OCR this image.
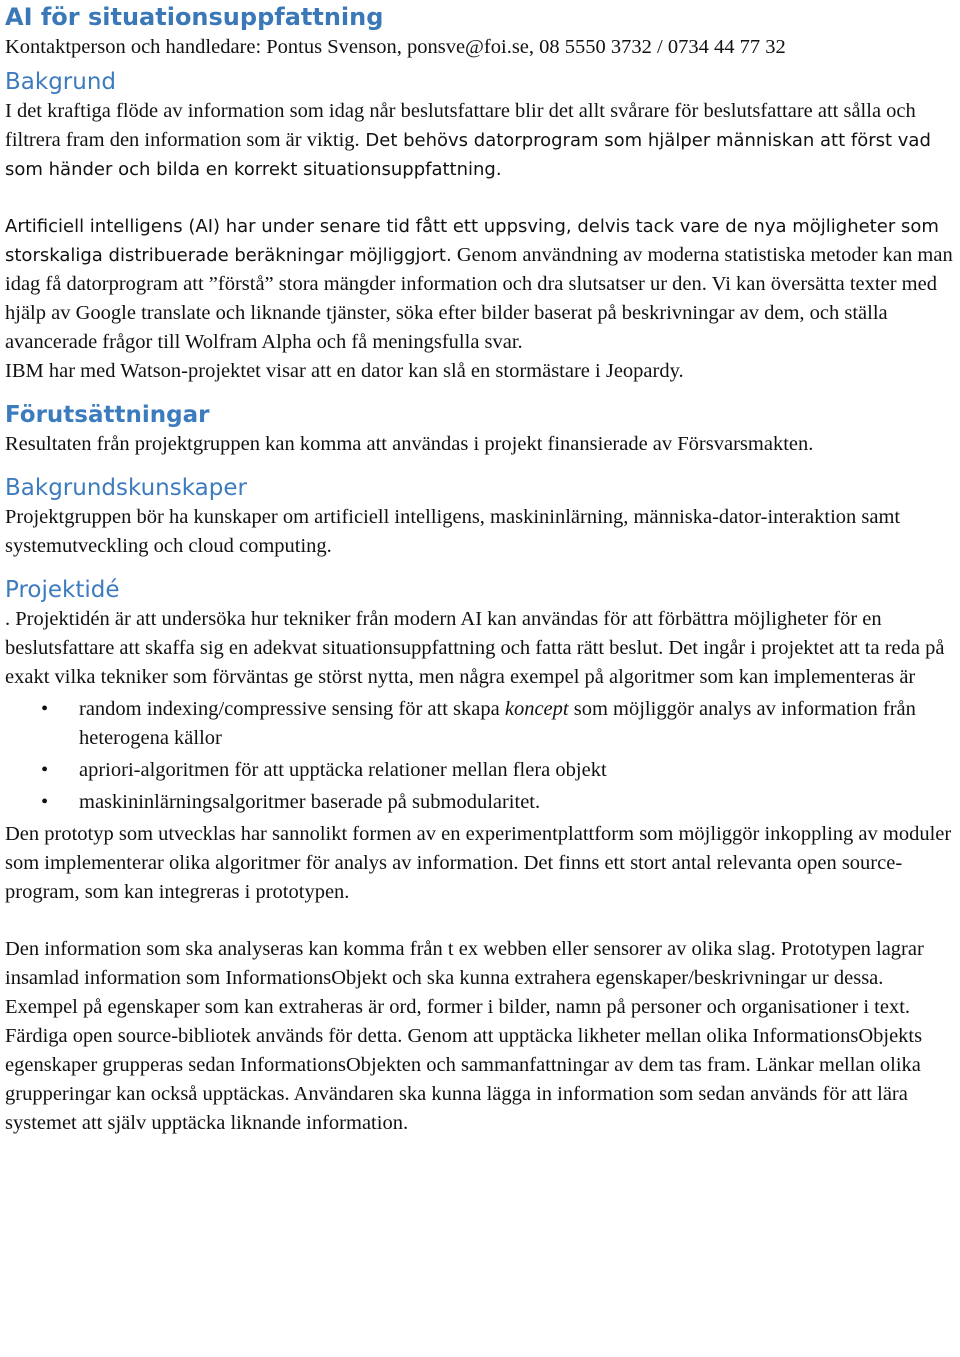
AI för situationsuppfattning

Kontaktperson och handledare: Pontus Svenson, ponsve@foi.se, 08 5550 3732 / 0734 44 77 32

Bakgrund

I det kraftiga flöde av information som idag når beslutsfattare blir det allt svårare för beslutsfattare att sålla och filtrera fram den information som är viktig. Det behövs datorprogram som hjälper människan att först vad som händer och bilda en korrekt situationsuppfattning.

Artificiell intelligens (AI) har under senare tid fått ett uppsving, delvis tack vare de nya möjligheter som storskaliga distribuerade beräkningar möjliggjort. Genom användning av moderna statistiska metoder kan man idag få datorprogram att ”förstå” stora mängder information och dra slutsatser ur den. Vi kan översätta texter med hjälp av Google translate och liknande tjänster, söka efter bilder baserat på beskrivningar av dem, och ställa avancerade frågor till Wolfram Alpha och få meningsfulla svar.

IBM har med Watson-projektet visar att en dator kan slå en stormästare i Jeopardy.

Förutsättningar

Resultaten från projektgruppen kan komma att användas i projekt finansierade av Försvarsmakten.

Bakgrundskunskaper

Projektgruppen bör ha kunskaper om artificiell intelligens, maskininlärning, människa-dator-interaktion samt systemutveckling och cloud computing.

Projektidé

. Projektidén är att undersöka hur tekniker från modern AI kan användas för att förbättra möjligheter för en beslutsfattare att skaffa sig en adekvat situationsuppfattning och fatta rätt beslut. Det ingår i projektet att ta reda på exakt vilka tekniker som förväntas ge störst nytta, men några exempel på algoritmer som kan implementeras är

• random indexing/compressive sensing för att skapa koncept som möjliggör analys av information från heterogena källor
• apriori-algoritmen för att upptäcka relationer mellan flera objekt
• maskininlärningsalgoritmer baserade på submodularitet.

Den prototyp som utvecklas har sannolikt formen av en experimentplattform som möjliggör inkoppling av moduler som implementerar olika algoritmer för analys av information. Det finns ett stort antal relevanta open source-program, som kan integreras i prototypen.

Den information som ska analyseras kan komma från t ex webben eller sensorer av olika slag. Prototypen lagrar insamlad information som InformationsObjekt och ska kunna extrahera egenskaper/beskrivningar ur dessa. Exempel på egenskaper som kan extraheras är ord, former i bilder, namn på personer och organisationer i text. Färdiga open source-bibliotek används för detta. Genom att upptäcka likheter mellan olika InformationsObjekts egenskaper grupperas sedan InformationsObjekten och sammanfattningar av dem tas fram. Länkar mellan olika grupperingar kan också upptäckas. Användaren ska kunna lägga in information som sedan används för att lära systemet att själv upptäcka liknande information.
